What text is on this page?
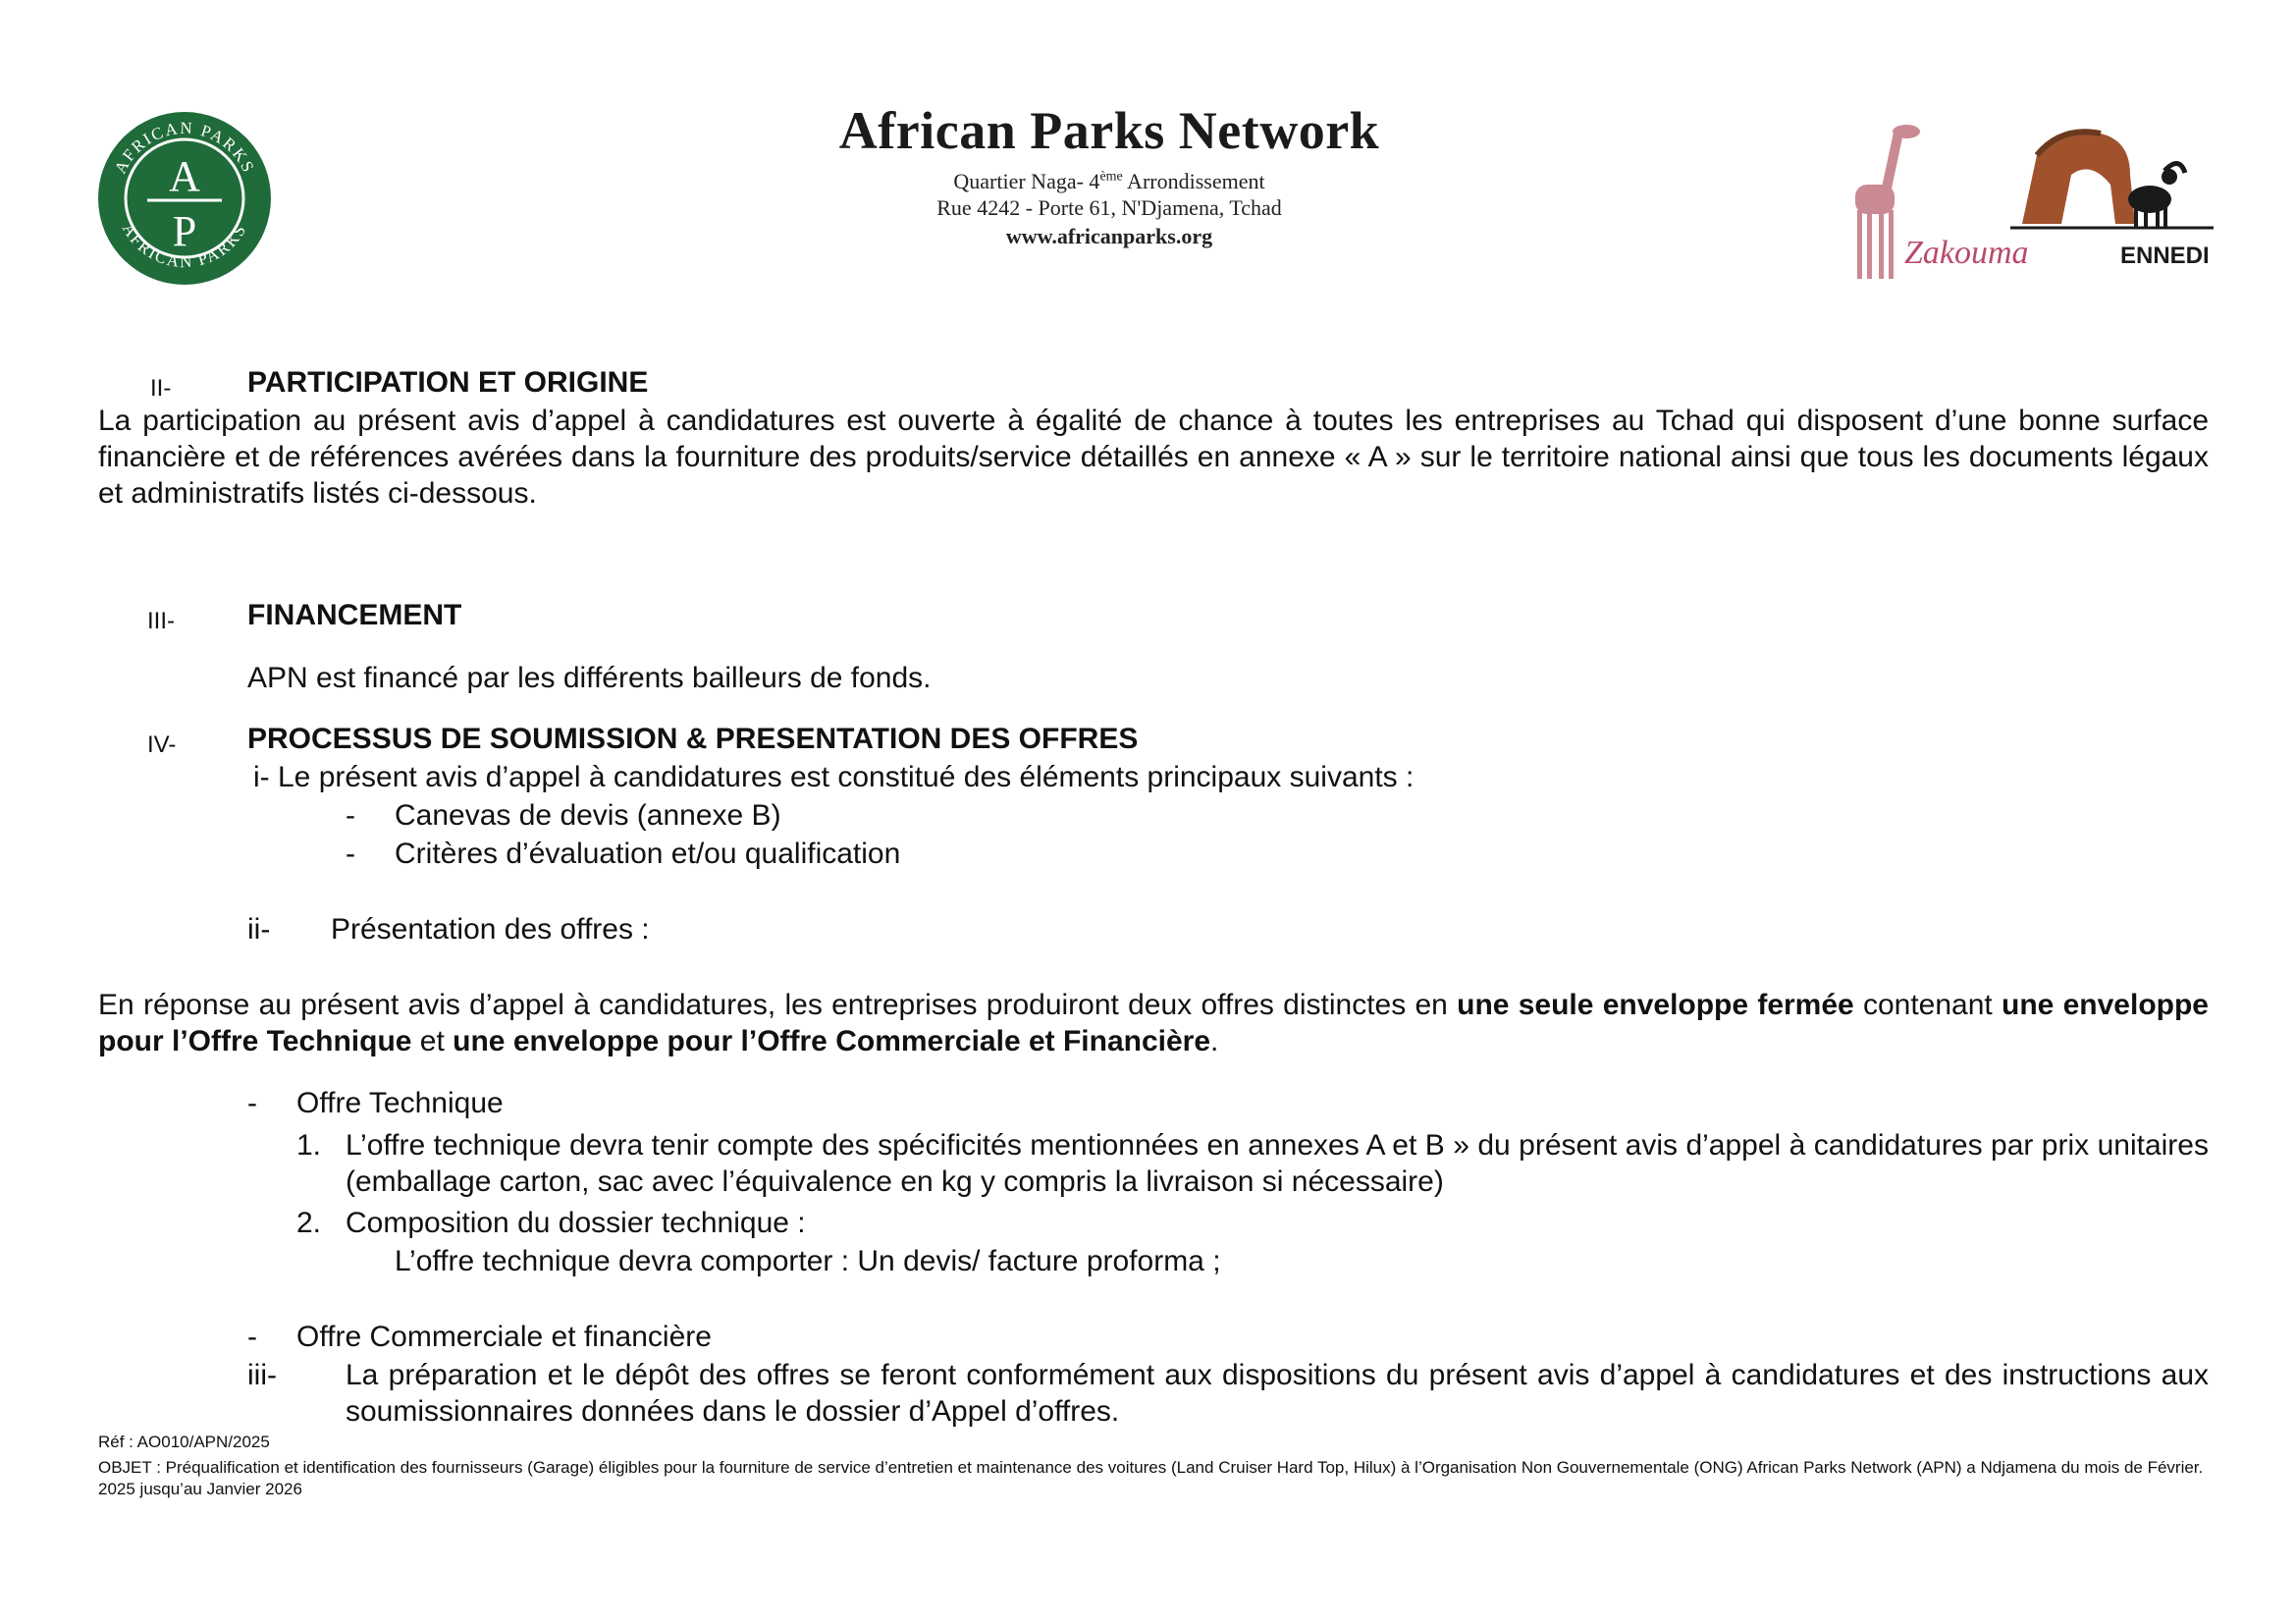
AFRICAN PARKS
AFRICAN PARKS
A
P
African Parks Network
Quartier Naga- 4ème Arrondissement
Rue 4242 - Porte 61, N'Djamena, Tchad
www.africanparks.org	Zakouma	ENNEDI
II-	PARTICIPATION ET ORIGINE
La participation au présent avis d’appel à candidatures est ouverte à égalité de chance à toutes les entreprises au Tchad qui disposent d’une bonne surface financière et de références avérées dans la fourniture des produits/service détaillés en annexe « A » sur le territoire national ainsi que tous les documents légaux et administratifs listés ci-dessous.
III- FINANCEMENT
APN est financé par les différents bailleurs de fonds.
IV- PROCESSUS DE SOUMISSION & PRESENTATION DES OFFRES
i- Le présent avis d’appel à candidatures est constitué des éléments principaux suivants :
- Canevas de devis (annexe B)
- Critères d’évaluation et/ou qualification
ii- Présentation des offres :
En réponse au présent avis d’appel à candidatures, les entreprises produiront deux offres distinctes en une seule enveloppe fermée contenant une enveloppe pour l’Offre Technique et une enveloppe pour l’Offre Commerciale et Financière.
- Offre Technique
1. L’offre technique devra tenir compte des spécificités mentionnées en annexes A et B » du présent avis d’appel à candidatures par prix unitaires (emballage carton, sac avec l’équivalence en kg y compris la livraison si nécessaire)
2. Composition du dossier technique :
L’offre technique devra comporter : Un devis/ facture proforma ;
- Offre Commerciale et financière
iii- La préparation et le dépôt des offres se feront conformément aux dispositions du présent avis d’appel à candidatures et des instructions aux soumissionnaires données dans le dossier d’Appel d’offres.
Réf : AO010/APN/2025
OBJET : Préqualification et identification des fournisseurs (Garage) éligibles pour la fourniture de service d’entretien et maintenance des voitures (Land Cruiser Hard Top, Hilux) à l’Organisation Non Gouvernementale (ONG) African Parks Network (APN) a Ndjamena du mois de Février. 2025 jusqu’au Janvier 2026
